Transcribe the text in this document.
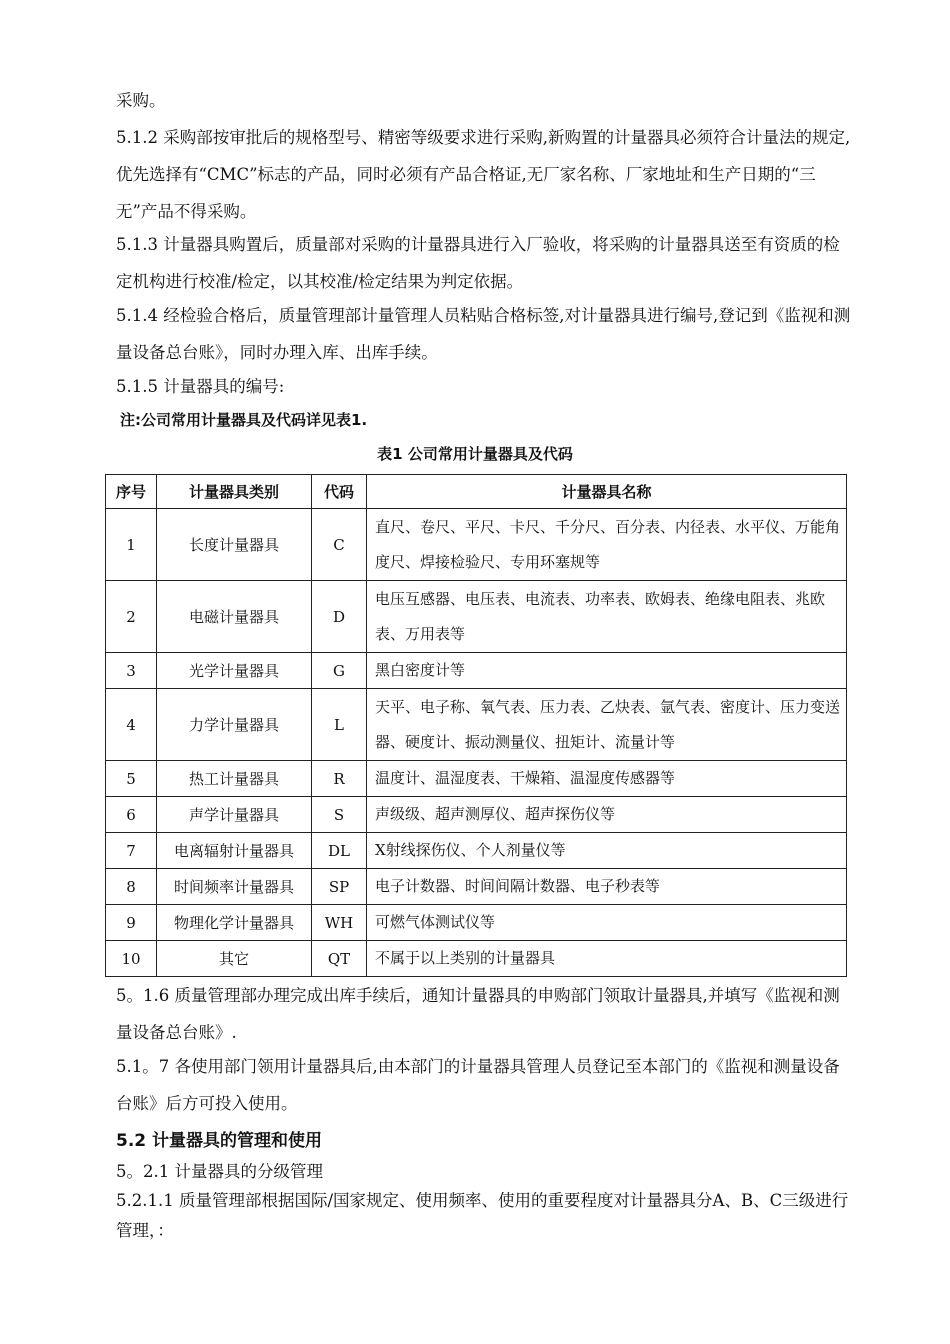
采购。

5.1.2 采购部按审批后的规格型号、精密等级要求进行采购,新购置的计量器具必须符合计量法的规定,优先选择有“CMC”标志的产品，同时必须有产品合格证,无厂家名称、厂家地址和生产日期的“三无”产品不得采购。

5.1.3 计量器具购置后，质量部对采购的计量器具进行入厂验收，将采购的计量器具送至有资质的检定机构进行校准/检定，以其校准/检定结果为判定依据。

5.1.4 经检验合格后，质量管理部计量管理人员粘贴合格标签,对计量器具进行编号,登记到《监视和测量设备总台账》，同时办理入库、出库手续。

5.1.5 计量器具的编号:

注:公司常用计量器具及代码详见表1.

表1 公司常用计量器具及代码

序号	计量器具类别	代码	计量器具名称
1	长度计量器具	C	直尺、卷尺、平尺、卡尺、千分尺、百分表、内径表、水平仪、万能角度尺、焊接检验尺、专用环塞规等
2	电磁计量器具	D	电压互感器、电压表、电流表、功率表、欧姆表、绝缘电阻表、兆欧表、万用表等
3	光学计量器具	G	黑白密度计等
4	力学计量器具	L	天平、电子称、氧气表、压力表、乙炔表、氩气表、密度计、压力变送器、硬度计、振动测量仪、扭矩计、流量计等
5	热工计量器具	R	温度计、温湿度表、干燥箱、温湿度传感器等
6	声学计量器具	S	声级级、超声测厚仪、超声探伤仪等
7	电离辐射计量器具	DL	X射线探伤仪、个人剂量仪等
8	时间频率计量器具	SP	电子计数器、时间间隔计数器、电子秒表等
9	物理化学计量器具	WH	可燃气体测试仪等
10	其它	QT	不属于以上类别的计量器具

5。1.6 质量管理部办理完成出库手续后，通知计量器具的申购部门领取计量器具,并填写《监视和测量设备总台账》.

5.1。7 各使用部门领用计量器具后,由本部门的计量器具管理人员登记至本部门的《监视和测量设备台账》后方可投入使用。

5.2 计量器具的管理和使用

5。2.1 计量器具的分级管理

5.2.1.1 质量管理部根据国际/国家规定、使用频率、使用的重要程度对计量器具分A、B、C三级进行管理，：
